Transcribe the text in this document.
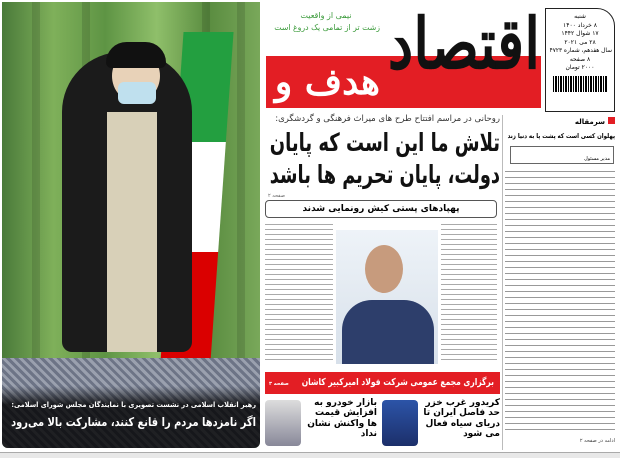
رهبر انقلاب اسلامی در نشست تصویری با نمایندگان مجلس شورای اسلامی:
اگر نامزدها مردم را قانع کنند، مشارکت بالا می‌رود
اقتصاد
هدف و
نیمی از واقعیت
زشت تر از تمامی یک دروغ است
شنبه
۸ خرداد ۱۴۰۰
۱۷ شوال ۱۴۴۲
۲۸ می ۲۰۲۱
سال هفدهم، شماره ۴۷۲۳
۸ صفحه
۲۰۰۰ تومان
روحانی در مراسم افتتاح طرح های میراث فرهنگی و گردشگری:
تلاش ما این است که پایان
دولت، پایان تحریم ها باشد
صفحه ۲
پهپادهای پستی کیش رونمایی شدند
برگزاری مجمع عمومی شرکت فولاد امیرکبیر کاشان
صفحه ۳
کریدور غرب خزر حد فاصل ایران تا دریای سیاه فعال می شود
بازار خودرو به افزایش قیمت ها واکنش نشان نداد
سرمقاله
پهلوان کسی است که پشت پا به دنیا زند
مدیر مسئول
ادامه در صفحه ۲
